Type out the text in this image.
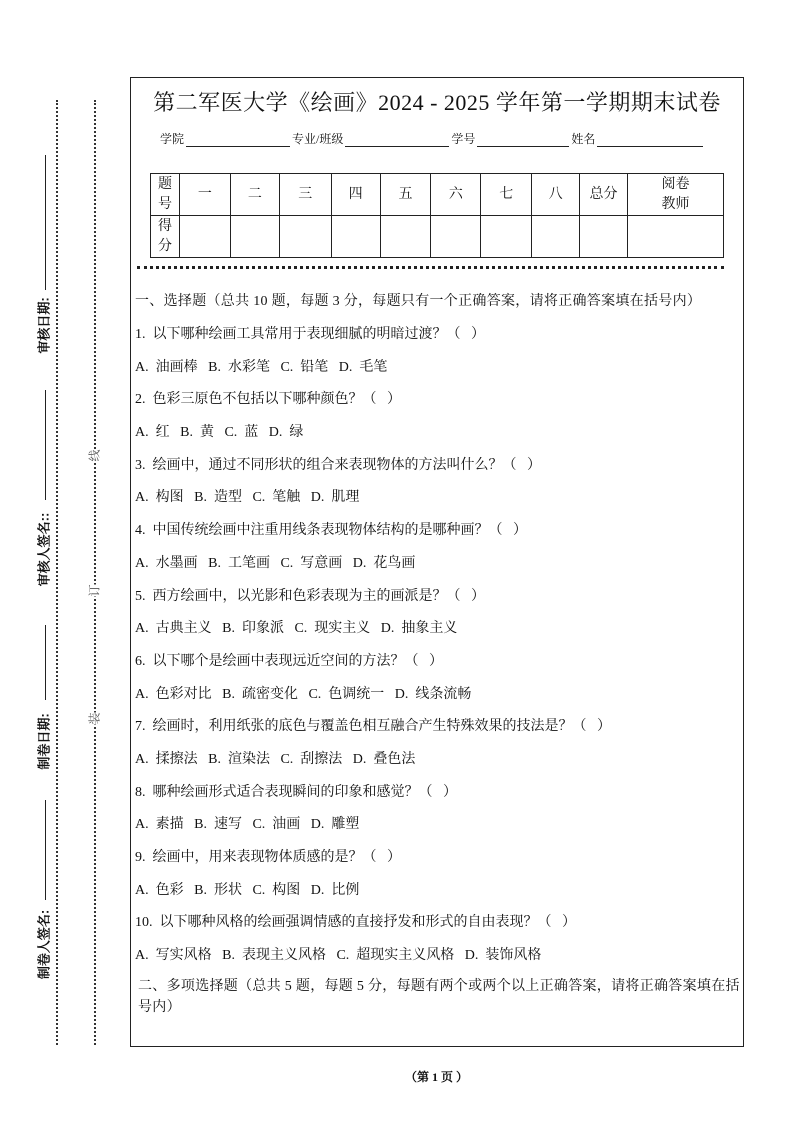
审核日期:
审核人签名::
制卷日期:
制卷人签名:
线
订
装
第二军医大学《绘画》2024 - 2025 学年第一学期期末试卷
学院	专业/班级	学号	姓名
题号	一	二	三	四	五	六	七	八	总分	阅卷教师
得分										
一、选择题（总共 10 题，每题 3 分，每题只有一个正确答案，请将正确答案填在括号内）
1.  以下哪种绘画工具常用于表现细腻的明暗过渡？（   ）
A.  油画棒   B.  水彩笔   C.  铅笔   D.  毛笔
2.  色彩三原色不包括以下哪种颜色？（   ）
A.  红   B.  黄   C.  蓝   D.  绿
3.  绘画中，通过不同形状的组合来表现物体的方法叫什么？（   ）
A.  构图   B.  造型   C.  笔触   D.  肌理
4.  中国传统绘画中注重用线条表现物体结构的是哪种画？（   ）
A.  水墨画   B.  工笔画   C.  写意画   D.  花鸟画
5.  西方绘画中，以光影和色彩表现为主的画派是？（   ）
A.  古典主义   B.  印象派   C.  现实主义   D.  抽象主义
6.  以下哪个是绘画中表现远近空间的方法？（   ）
A.  色彩对比   B.  疏密变化   C.  色调统一   D.  线条流畅
7.  绘画时，利用纸张的底色与覆盖色相互融合产生特殊效果的技法是？（   ）
A.  揉擦法   B.  渲染法   C.  刮擦法   D.  叠色法
8.  哪种绘画形式适合表现瞬间的印象和感觉？（   ）
A.  素描   B.  速写   C.  油画   D.  雕塑
9.  绘画中，用来表现物体质感的是？（   ）
A.  色彩   B.  形状   C.  构图   D.  比例
10.  以下哪种风格的绘画强调情感的直接抒发和形式的自由表现？（   ）
A.  写实风格   B.  表现主义风格   C.  超现实主义风格   D.  装饰风格
二、多项选择题（总共 5 题，每题 5 分，每题有两个或两个以上正确答案，请将正确答案填在括号内）
（第 1 页 ）
